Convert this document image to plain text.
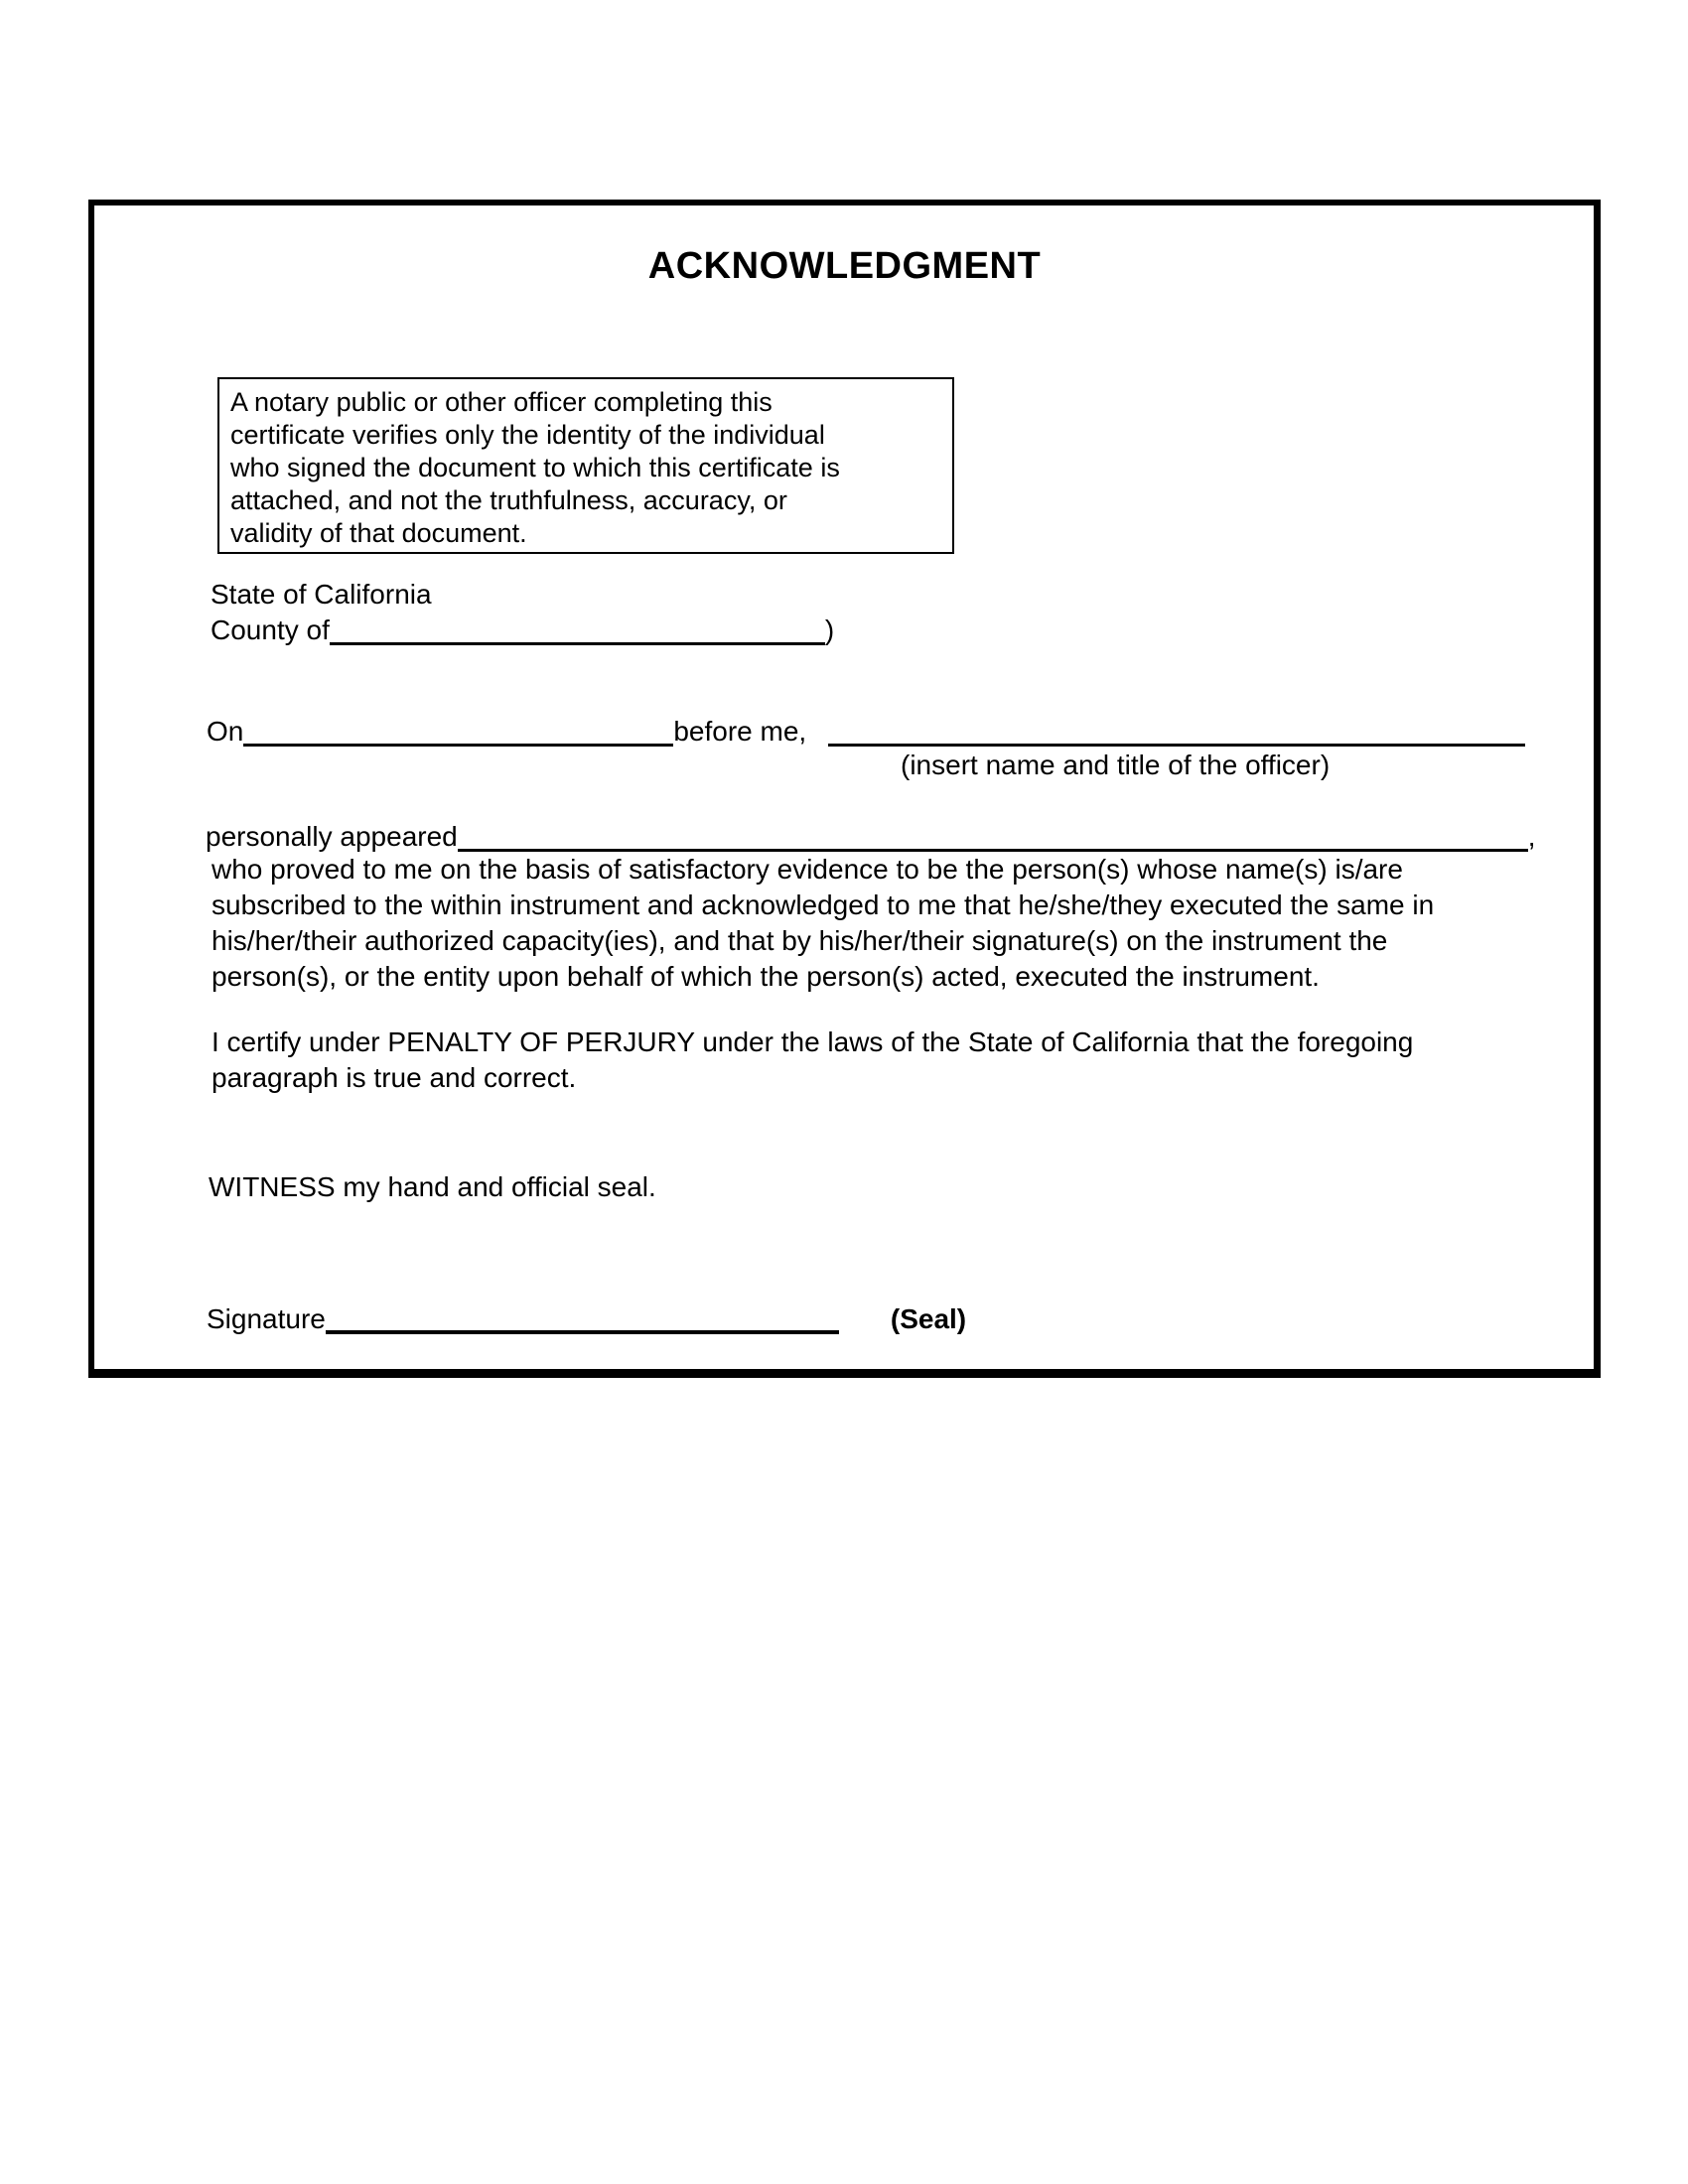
ACKNOWLEDGMENT
A notary public or other officer completing this
certificate verifies only the identity of the individual
who signed the document to which this certificate is
attached, and not the truthfulness, accuracy, or
validity of that document.
State of California
County of	)
On	before me,
(insert name and title of the officer)
personally appeared	,
who proved to me on the basis of satisfactory evidence to be the person(s) whose name(s) is/are
subscribed to the within instrument and acknowledged to me that he/she/they executed the same in
his/her/their authorized capacity(ies), and that by his/her/their signature(s) on the instrument the
person(s), or the entity upon behalf of which the person(s) acted, executed the instrument.
I certify under PENALTY OF PERJURY under the laws of the State of California that the foregoing
paragraph is true and correct.
WITNESS my hand and official seal.
Signature	(Seal)
